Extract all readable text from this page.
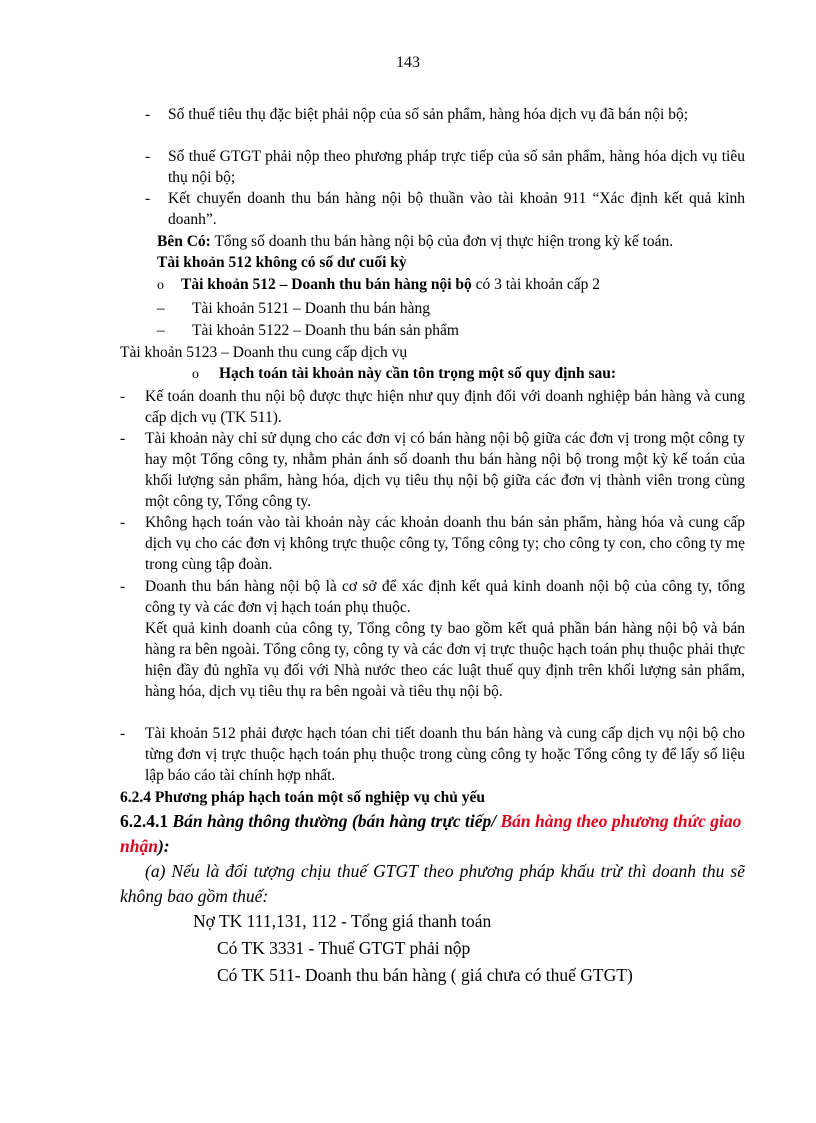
143
-	Số thuế tiêu thụ đặc biệt phải nộp của số sản phẩm, hàng hóa dịch vụ đã bán nội bộ;

-	Số thuế GTGT phải nộp theo phương pháp trực tiếp của số sản phẩm, hàng hóa dịch vụ tiêu thụ nội bộ;

-	Kết chuyển doanh thu bán hàng nội bộ thuần vào tài khoản 911 “Xác định kết quả kinh doanh”.

Bên Có: Tổng số doanh thu bán hàng nội bộ của đơn vị thực hiện trong kỳ kế toán.
Tài khoản 512 không có số dư cuối kỳ
o Tài khoản 512 – Doanh thu bán hàng nội bộ có 3 tài khoản cấp 2
– Tài khoản 5121 – Doanh thu bán hàng
– Tài khoản 5122 – Doanh thu bán sản phẩm
Tài khoản 5123 – Doanh thu cung cấp dịch vụ
o Hạch toán tài khoản này cần tôn trọng một số quy định sau:
-	Kế toán doanh thu nội bộ được thực hiện như quy định đối với doanh nghiệp bán hàng và cung cấp dịch vụ (TK 511).

-	Tài khoản này chỉ sử dụng cho các đơn vị có bán hàng nội bộ giữa các đơn vị trong một công ty hay một Tổng công ty, nhằm phản ánh số doanh thu bán hàng nội bộ trong một kỳ kế toán của khối lượng sản phẩm, hàng hóa, dịch vụ tiêu thụ nội bộ giữa các đơn vị thành viên trong cùng một công ty, Tổng công ty.

-	Không hạch toán vào tài khoản này các khoản doanh thu bán sản phẩm, hàng hóa và cung cấp dịch vụ cho các đơn vị không trực thuộc công ty, Tổng công ty; cho công ty con, cho công ty mẹ trong cùng tập đoàn.

-	Doanh thu bán hàng nội bộ là cơ sở để xác định kết quả kinh doanh nội bộ của công ty, tổng công ty và các đơn vị hạch toán phụ thuộc.

Kết quả kinh doanh của công ty, Tổng công ty bao gồm kết quả phần bán hàng nội bộ và bán hàng ra bên ngoài. Tổng công ty, công ty và các đơn vị trực thuộc hạch toán phụ thuộc phải thực hiện đầy đủ nghĩa vụ đối với Nhà nước theo các luật thuế quy định trên khối lượng sản phẩm, hàng hóa, dịch vụ tiêu thụ ra bên ngoài và tiêu thụ nội bộ.
-	Tài khoản 512 phải được hạch tóan chi tiết doanh thu bán hàng và cung cấp dịch vụ nội bộ cho từng đơn vị trực thuộc hạch toán phụ thuộc trong cùng công ty hoặc Tổng công ty để lấy số liệu lập báo cáo tài chính hợp nhất.

6.2.4 Phương pháp hạch toán một số nghiệp vụ chủ yếu
6.2.4.1 Bán hàng thông thường (bán hàng trực tiếp/ Bán hàng theo phương thức giao nhận):
(a) Nếu là đối tượng chịu thuế GTGT theo phương pháp khấu trừ thì doanh thu sẽ không bao gồm thuế:
Nợ TK 111,131, 112 - Tổng giá thanh toán
Có TK 3331 - Thuế GTGT phải nộp
Có TK 511- Doanh thu bán hàng ( giá chưa có thuế GTGT)
